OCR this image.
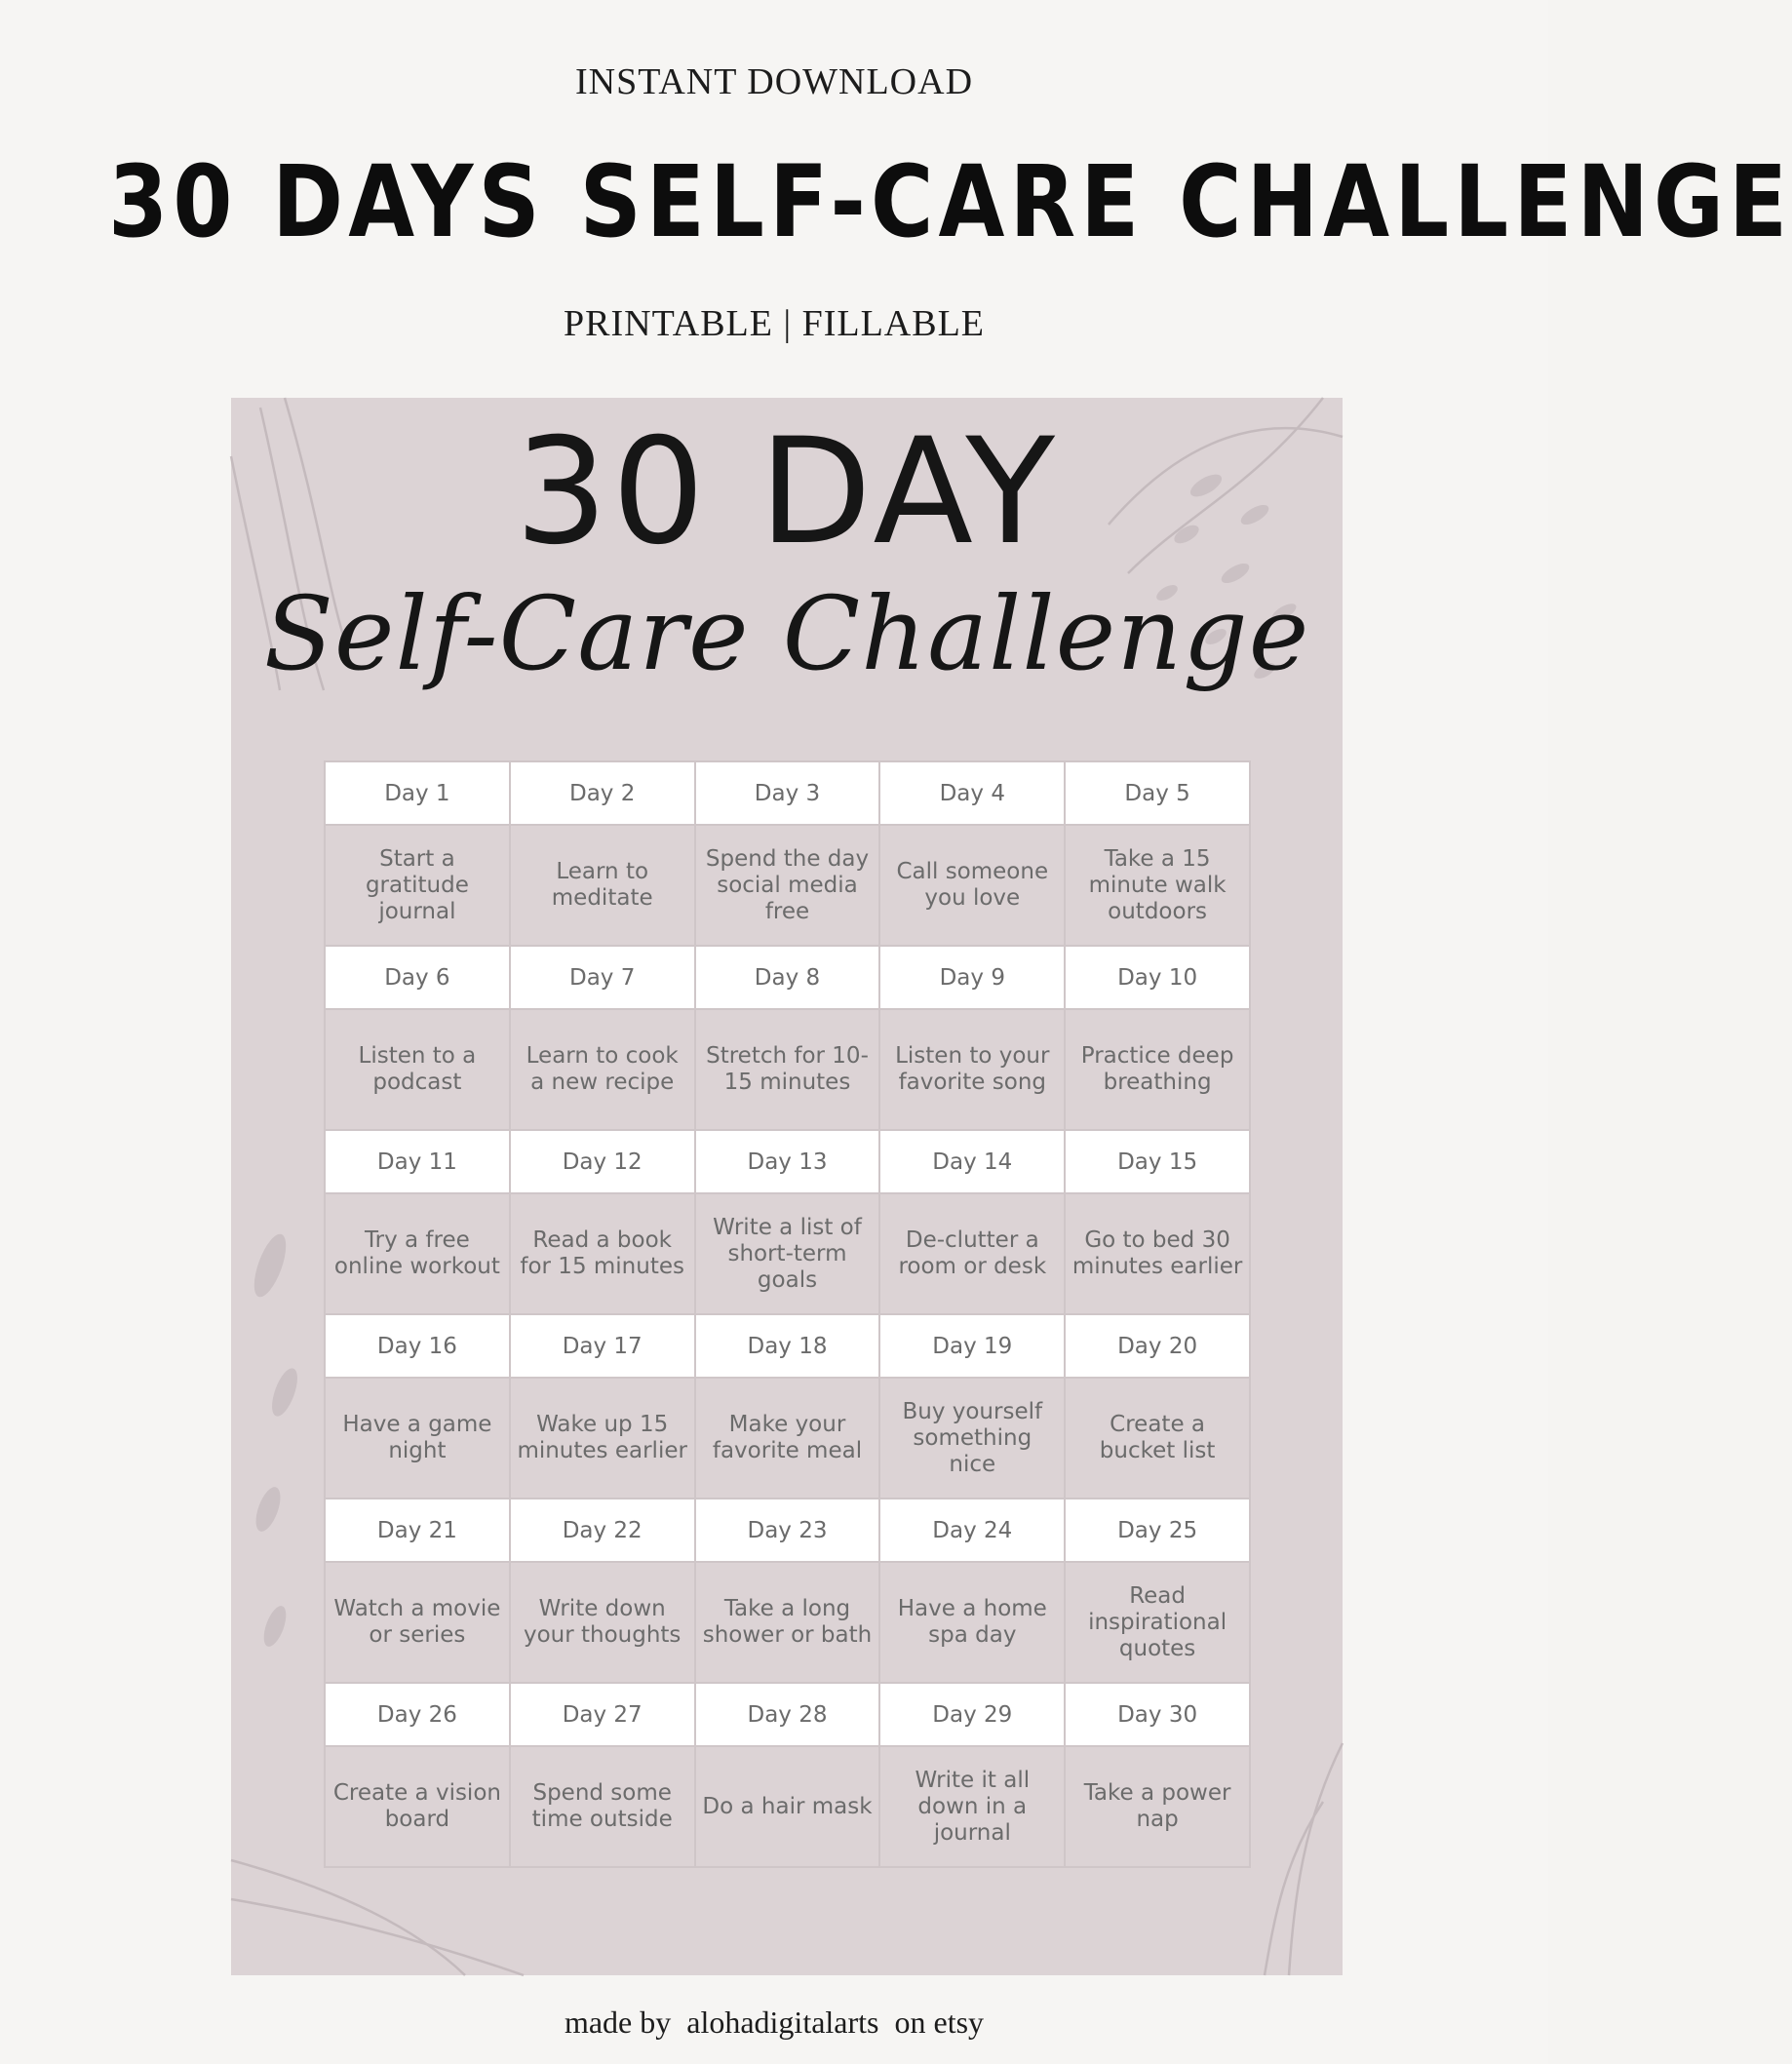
INSTANT DOWNLOAD
30 DAYS SELF-CARE CHALLENGE
PRINTABLE | FILLABLE
30 DAY
Self-Care Challenge
Day 1	Day 2	Day 3	Day 4	Day 5
Start a gratitude journal	Learn to meditate	Spend the day social media free	Call someone you love	Take a 15 minute walk outdoors
Day 6	Day 7	Day 8	Day 9	Day 10
Listen to a podcast	Learn to cook a new recipe	Stretch for 10-15 minutes	Listen to your favorite song	Practice deep breathing
Day 11	Day 12	Day 13	Day 14	Day 15
Try a free online workout	Read a book for 15 minutes	Write a list of short-term goals	De-clutter a room or desk	Go to bed 30 minutes earlier
Day 16	Day 17	Day 18	Day 19	Day 20
Have a game night	Wake up 15 minutes earlier	Make your favorite meal	Buy yourself something nice	Create a bucket list
Day 21	Day 22	Day 23	Day 24	Day 25
Watch a movie or series	Write down your thoughts	Take a long shower or bath	Have a home spa day	Read inspirational quotes
Day 26	Day 27	Day 28	Day 29	Day 30
Create a vision board	Spend some time outside	Do a hair mask	Write it all down in a journal	Take a power nap
made by  alohadigitalarts  on etsy
